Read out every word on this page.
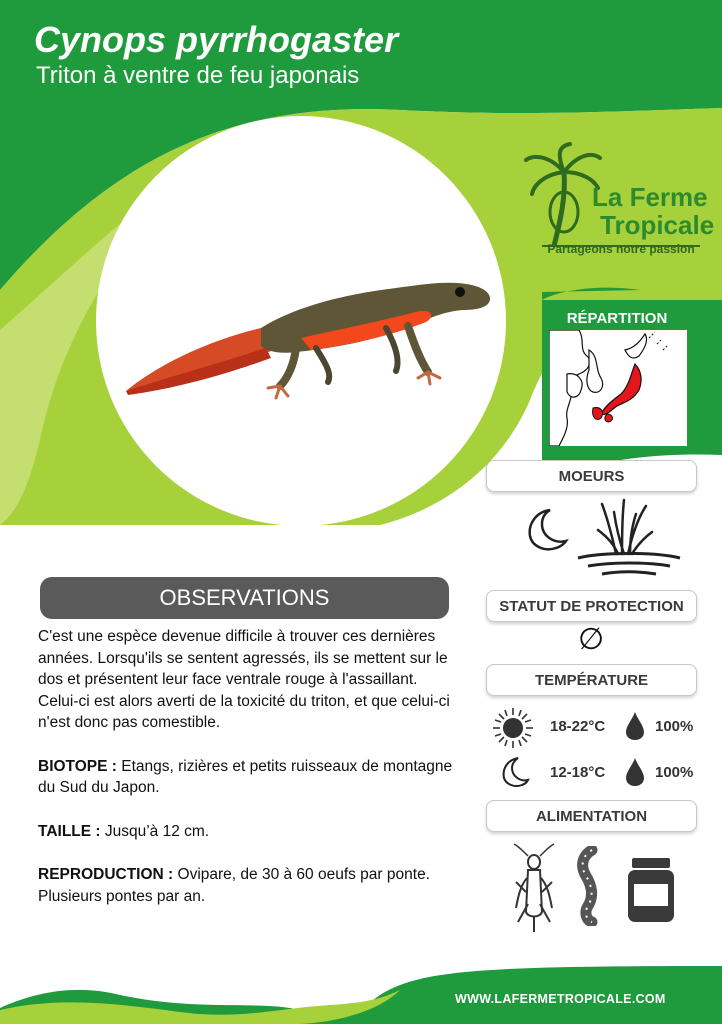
Cynops pyrrhogaster
Triton à ventre de feu japonais
La Ferme
Tropicale
Partageons notre passion
RÉPARTITION
MOEURS
STATUT DE PROTECTION
∅
TEMPÉRATURE
18-22°C	100%
12-18°C	100%
ALIMENTATION
OBSERVATIONS

C'est une espèce devenue difficile à trouver ces dernières années. Lorsqu'ils se sentent agressés, ils se mettent sur le dos et présentent leur face ventrale rouge à l'assaillant. Celui-ci est alors averti de la toxicité du triton, et que celui-ci n'est donc pas comestible.

BIOTOPE : Etangs, rizières et petits ruisseaux de montagne du Sud du Japon.

TAILLE : Jusqu’à 12 cm.

REPRODUCTION : Ovipare, de 30 à 60 oeufs par ponte. Plusieurs pontes par an.

WWW.LAFERMETROPICALE.COM
